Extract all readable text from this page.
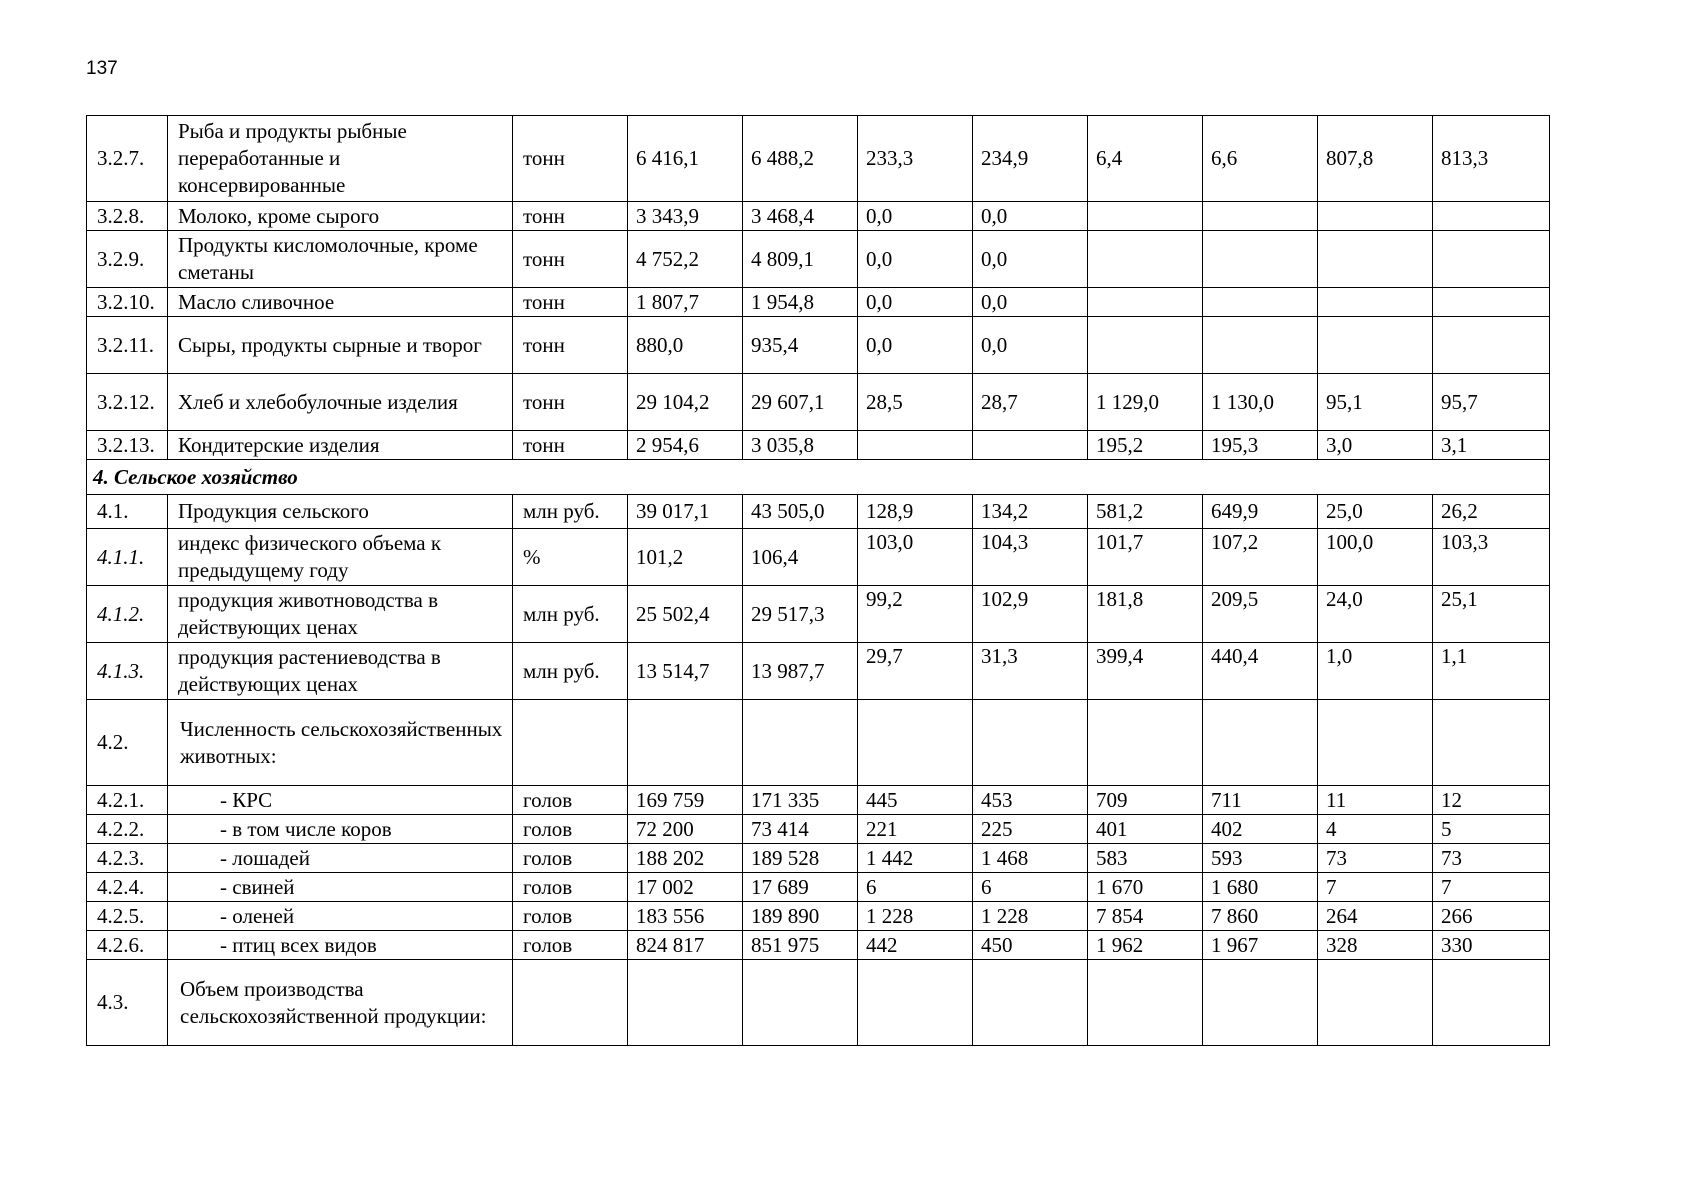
137
3.2.7.	Рыба и продукты рыбные переработанные и консервированные	тонн	6 416,1	6 488,2	233,3	234,9	6,4	6,6	807,8	813,3
3.2.8.	Молоко, кроме сырого	тонн	3 343,9	3 468,4	0,0	0,0				
3.2.9.	Продукты кисломолочные, кроме сметаны	тонн	4 752,2	4 809,1	0,0	0,0				
3.2.10.	Масло сливочное	тонн	1 807,7	1 954,8	0,0	0,0				
3.2.11.	Сыры, продукты сырные и творог	тонн	880,0	935,4	0,0	0,0				
3.2.12.	Хлеб и хлебобулочные изделия	тонн	29 104,2	29 607,1	28,5	28,7	1 129,0	1 130,0	95,1	95,7
3.2.13.	Кондитерские изделия	тонн	2 954,6	3 035,8			195,2	195,3	3,0	3,1
4. Сельское хозяйство										
4.1.	Продукция сельского	млн руб.	39 017,1	43 505,0	128,9	134,2	581,2	649,9	25,0	26,2
4.1.1.	индекс физического объема к предыдущему году	%	101,2	106,4	103,0	104,3	101,7	107,2	100,0	103,3
4.1.2.	продукция животноводства в действующих ценах	млн руб.	25 502,4	29 517,3	99,2	102,9	181,8	209,5	24,0	25,1
4.1.3.	продукция растениеводства в действующих ценах	млн руб.	13 514,7	13 987,7	29,7	31,3	399,4	440,4	1,0	1,1
4.2.	Численность сельскохозяйственных животных:									
4.2.1.	- КРС	голов	169 759	171 335	445	453	709	711	11	12
4.2.2.	- в том числе коров	голов	72 200	73 414	221	225	401	402	4	5
4.2.3.	- лошадей	голов	188 202	189 528	1 442	1 468	583	593	73	73
4.2.4.	- свиней	голов	17 002	17 689	6	6	1 670	1 680	7	7
4.2.5.	- оленей	голов	183 556	189 890	1 228	1 228	7 854	7 860	264	266
4.2.6.	- птиц всех видов	голов	824 817	851 975	442	450	1 962	1 967	328	330
4.3.	Объем производства сельскохозяйственной продукции:									
